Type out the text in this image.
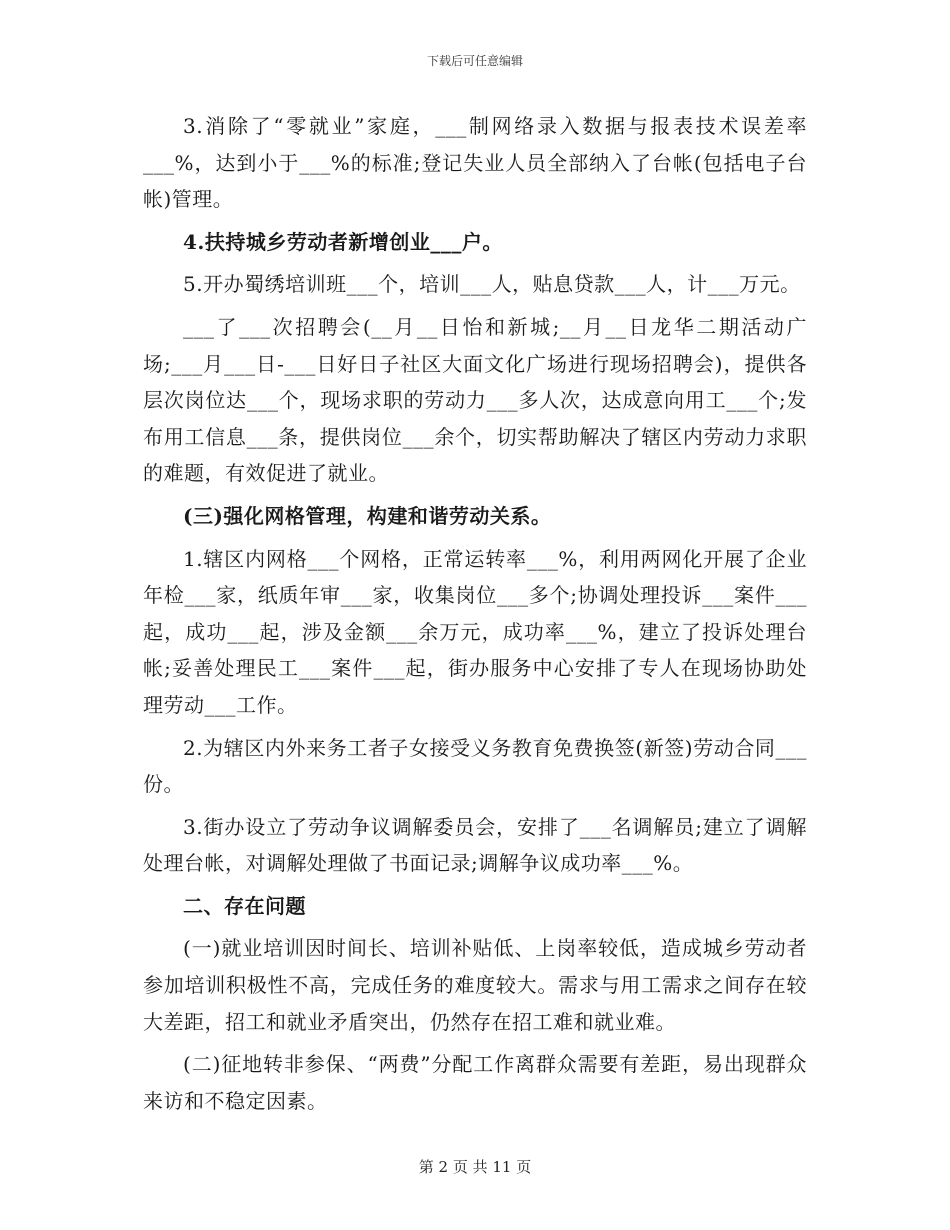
下载后可任意编辑

3.消除了“零就业”家庭，___制网络录入数据与报表技术误差率___%，达到小于___%的标准;登记失业人员全部纳入了台帐(包括电子台帐)管理。

4.扶持城乡劳动者新增创业___户。

5.开办蜀绣培训班___个，培训___人，贴息贷款___人，计___万元。

___了___次招聘会(__月__日怡和新城;__月__日龙华二期活动广场;___月___日-___日好日子社区大面文化广场进行现场招聘会)，提供各层次岗位达___个，现场求职的劳动力___多人次，达成意向用工___个;发布用工信息___条，提供岗位___余个，切实帮助解决了辖区内劳动力求职的难题，有效促进了就业。

(三)强化网格管理，构建和谐劳动关系。

1.辖区内网格___个网格，正常运转率___%，利用两网化开展了企业年检___家，纸质年审___家，收集岗位___多个;协调处理投诉___案件___起，成功___起，涉及金额___余万元，成功率___%，建立了投诉处理台帐;妥善处理民工___案件___起，街办服务中心安排了专人在现场协助处理劳动___工作。

2.为辖区内外来务工者子女接受义务教育免费换签(新签)劳动合同___份。

3.街办设立了劳动争议调解委员会，安排了___名调解员;建立了调解处理台帐，对调解处理做了书面记录;调解争议成功率___%。

二、存在问题

(一)就业培训因时间长、培训补贴低、上岗率较低，造成城乡劳动者参加培训积极性不高，完成任务的难度较大。需求与用工需求之间存在较大差距，招工和就业矛盾突出，仍然存在招工难和就业难。

(二)征地转非参保、“两费”分配工作离群众需要有差距，易出现群众来访和不稳定因素。

第 2 页 共 11 页
